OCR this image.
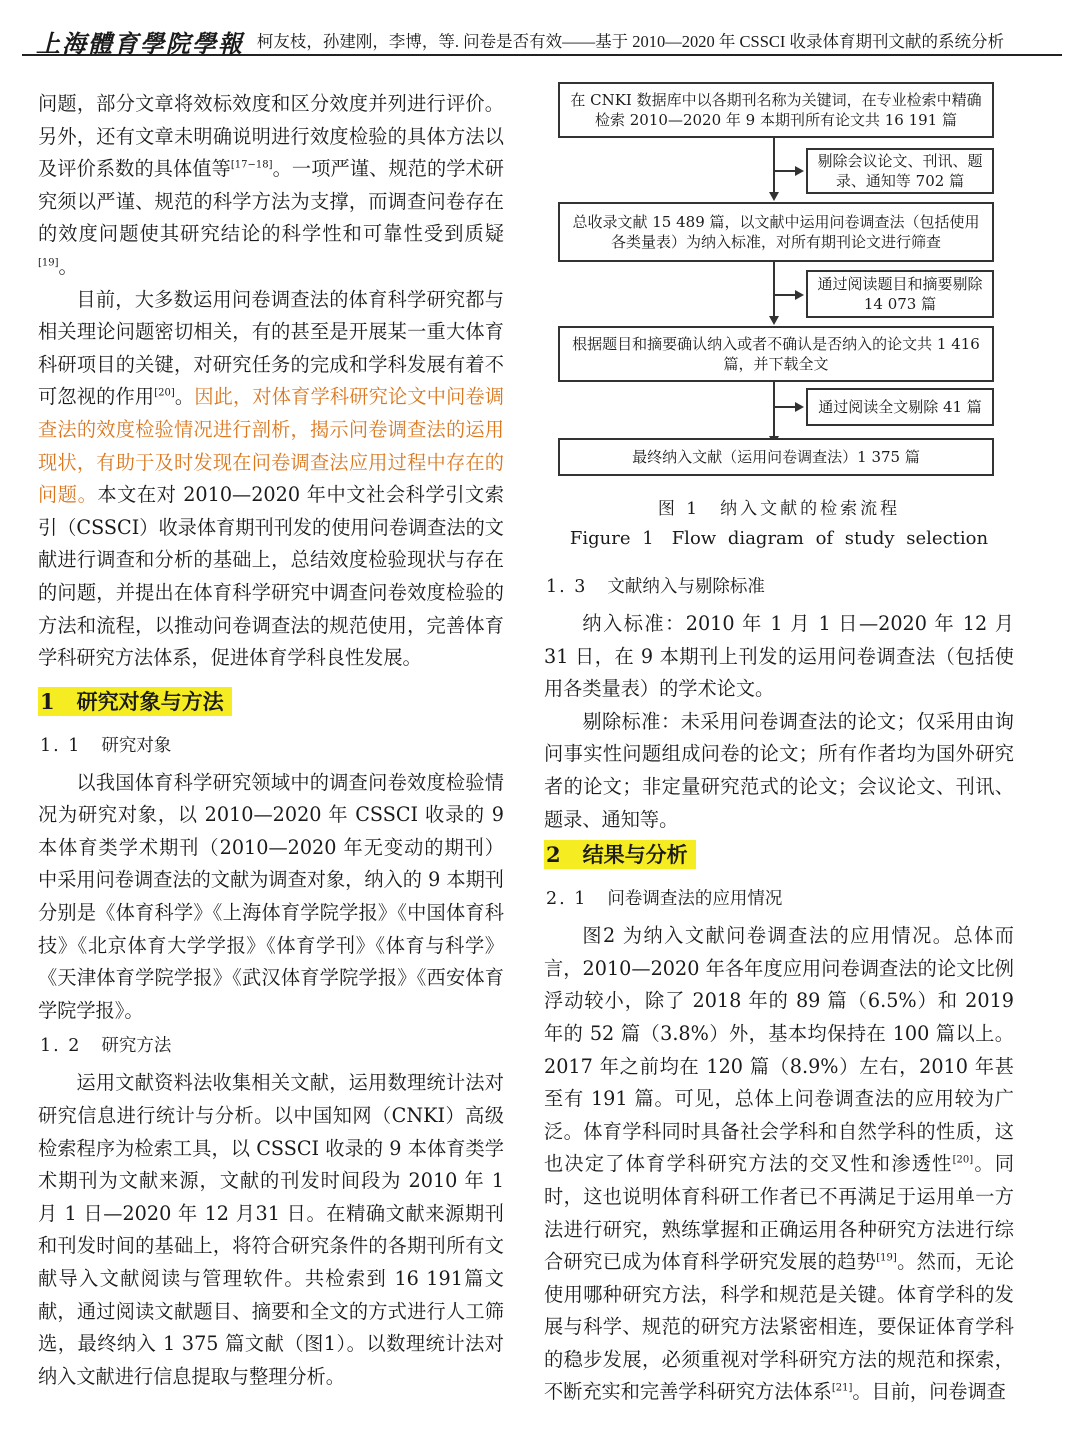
上海體育學院學報 柯友枝，孙建刚，李博，等. 问卷是否有效——基于 2010—2020 年 CSSCI 收录体育期刊文献的系统分析

问题，部分文章将效标效度和区分效度并列进行评价。另外，还有文章未明确说明进行效度检验的具体方法以及评价系数的具体值等[17−18]。一项严谨、规范的学术研究须以严谨、规范的科学方法为支撑，而调查问卷存在的效度问题使其研究结论的科学性和可靠性受到质疑[19]。

目前，大多数运用问卷调查法的体育科学研究都与相关理论问题密切相关，有的甚至是开展某一重大体育科研项目的关键，对研究任务的完成和学科发展有着不可忽视的作用[20]。因此，对体育学科研究论文中问卷调查法的效度检验情况进行剖析，揭示问卷调查法的运用现状，有助于及时发现在问卷调查法应用过程中存在的问题。本文在对 2010—2020 年中文社会科学引文索引（CSSCI）收录体育期刊刊发的使用问卷调查法的文献进行调查和分析的基础上，总结效度检验现状与存在的问题，并提出在体育科学研究中调查问卷效度检验的方法和流程，以推动问卷调查法的规范使用，完善体育学科研究方法体系，促进体育学科良性发展。

1 研究对象与方法
1. 1 研究对象

以我国体育科学研究领域中的调查问卷效度检验情况为研究对象，以 2010—2020 年 CSSCI 收录的 9 本体育类学术期刊（2010—2020 年无变动的期刊）中采用问卷调查法的文献为调查对象，纳入的 9 本期刊分别是《体育科学》《上海体育学院学报》《中国体育科技》《北京体育大学学报》《体育学刊》《体育与科学》《天津体育学院学报》《武汉体育学院学报》《西安体育学院学报》。

1. 2 研究方法

运用文献资料法收集相关文献，运用数理统计法对研究信息进行统计与分析。以中国知网（CNKI）高级检索程序为检索工具，以 CSSCI 收录的 9 本体育类学术期刊为文献来源，文献的刊发时间段为 2010 年 1 月 1 日—2020 年 12 月31 日。在精确文献来源期刊和刊发时间的基础上，将符合研究条件的各期刊所有文献导入文献阅读与管理软件。共检索到 16 191篇文献，通过阅读文献题目、摘要和全文的方式进行人工筛选，最终纳入 1 375 篇文献（图1）。以数理统计法对纳入文献进行信息提取与整理分析。

在 CNKI 数据库中以各期刊名称为关键词，在专业检索中精确检索 2010—2020 年 9 本期刊所有论文共 16 191 篇
剔除会议论文、刊讯、题录、通知等 702 篇
总收录文献 15 489 篇，以文献中运用问卷调查法（包括使用各类量表）为纳入标准，对所有期刊论文进行筛查
通过阅读题目和摘要剔除 14 073 篇
根据题目和摘要确认纳入或者不确认是否纳入的论文共 1 416 篇，并下载全文
通过阅读全文剔除 41 篇
最终纳入文献（运用问卷调查法）1 375 篇

图 1　纳入文献的检索流程

Figure 1　Flow diagram of study selection

1. 3 文献纳入与剔除标准

纳入标准：2010 年 1 月 1 日—2020 年 12 月 31 日，在 9 本期刊上刊发的运用问卷调查法（包括使用各类量表）的学术论文。

剔除标准：未采用问卷调查法的论文；仅采用由询问事实性问题组成问卷的论文；所有作者均为国外研究者的论文；非定量研究范式的论文；会议论文、刊讯、题录、通知等。

2 结果与分析
2. 1 问卷调查法的应用情况

图2 为纳入文献问卷调查法的应用情况。总体而言，2010—2020 年各年度应用问卷调查法的论文比例浮动较小，除了 2018 年的 89 篇（6.5%）和 2019 年的 52 篇（3.8%）外，基本均保持在 100 篇以上。2017 年之前均在 120 篇（8.9%）左右，2010 年甚至有 191 篇。可见，总体上问卷调查法的应用较为广泛。体育学科同时具备社会学科和自然学科的性质，这也决定了体育学科研究方法的交叉性和渗透性[20]。同时，这也说明体育科研工作者已不再满足于运用单一方法进行研究，熟练掌握和正确运用各种研究方法进行综合研究已成为体育科学研究发展的趋势[19]。然而，无论使用哪种研究方法，科学和规范是关键。体育学科的发展与科学、规范的研究方法紧密相连，要保证体育学科的稳步发展，必须重视对学科研究方法的规范和探索，不断充实和完善学科研究方法体系[21]。目前，问卷调查
